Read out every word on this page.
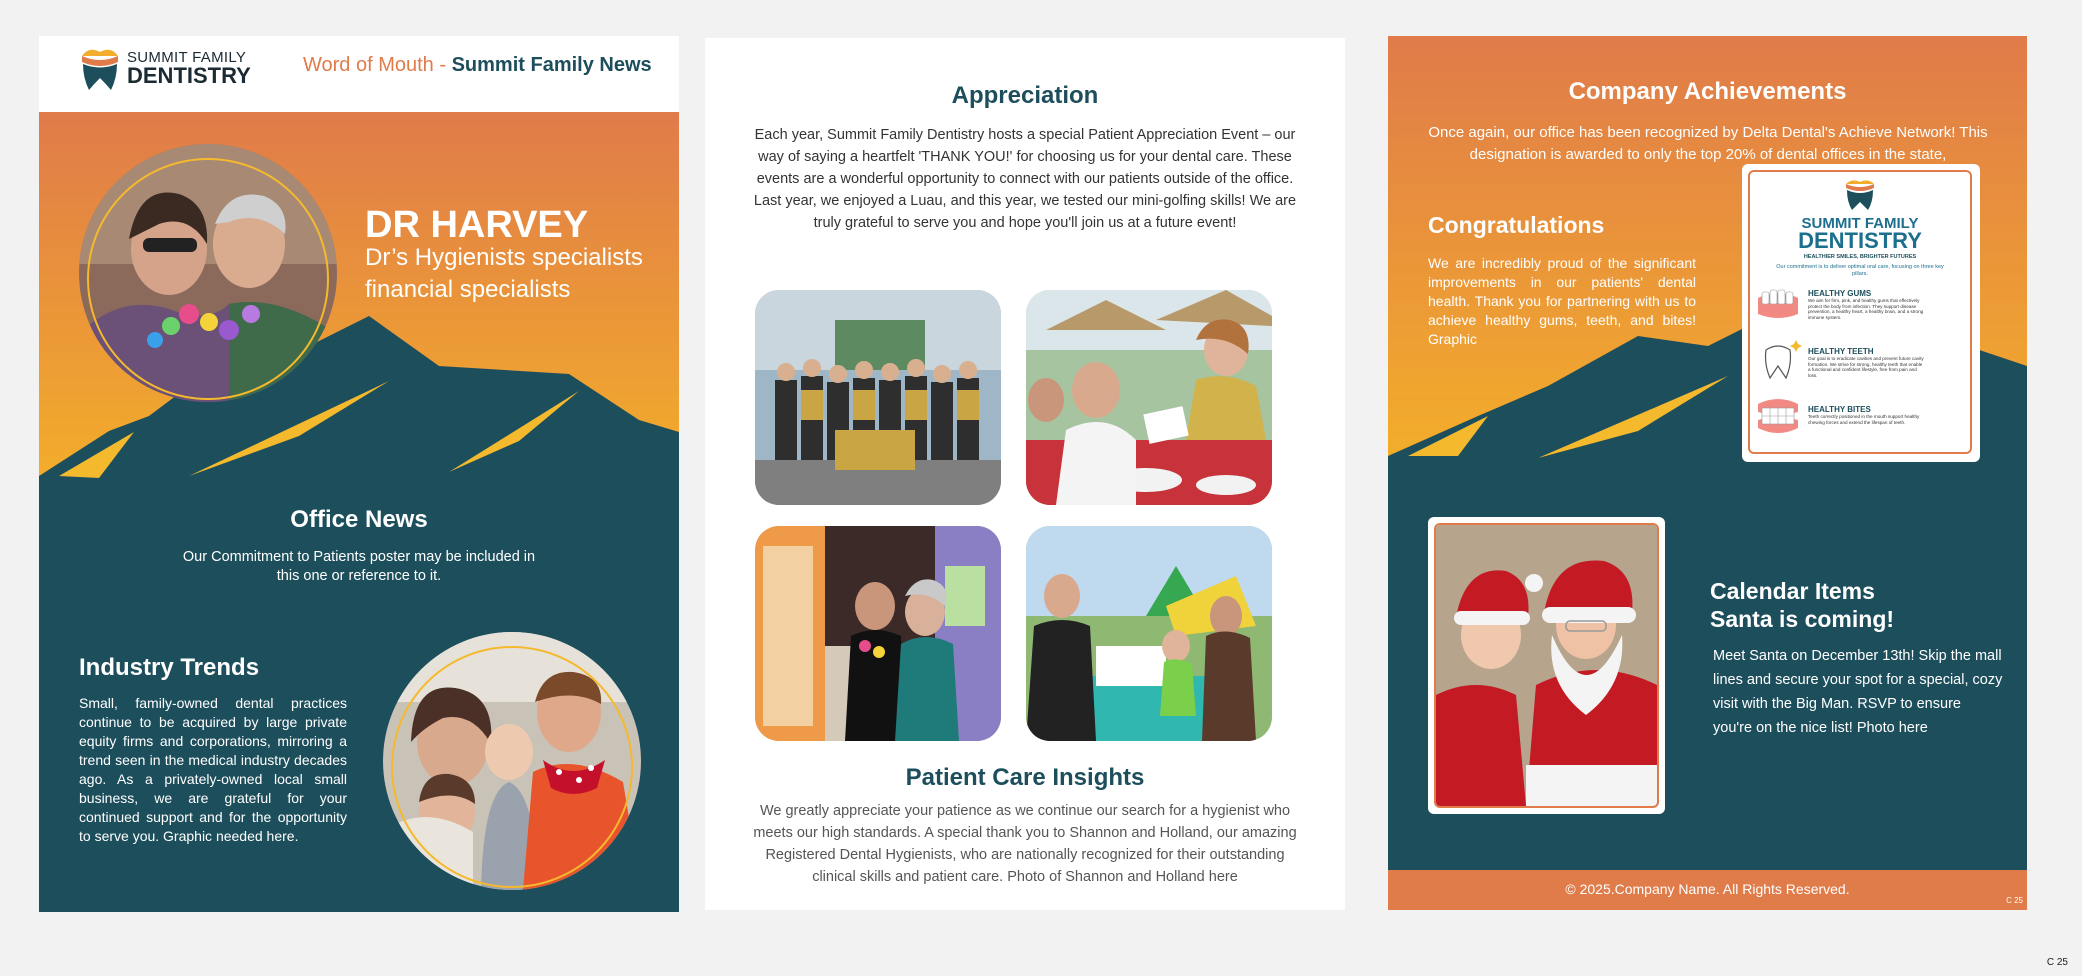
SUMMIT FAMILY
DENTISTRY	Word of Mouth - Summit Family News
DR HARVEY
Dr’s Hygienists specialists
financial specialists
Office News
Our Commitment to Patients poster may be included in this one or reference to it.
Industry Trends
Small, family-owned dental practices continue to be acquired by large private equity firms and corporations, mirroring a trend seen in the medical industry decades ago. As a privately-owned local small business, we are grateful for your continued support and for the opportunity to serve you. Graphic needed here.
Appreciation
Each year, Summit Family Dentistry hosts a special Patient Appreciation Event – our way of saying a heartfelt 'THANK YOU!' for choosing us for your dental care. These events are a wonderful opportunity to connect with our patients outside of the office. Last year, we enjoyed a Luau, and this year, we tested our mini-golfing skills! We are truly grateful to serve you and hope you'll join us at a future event!
Patient Care Insights
We greatly appreciate your patience as we continue our search for a hygienist who meets our high standards. A special thank you to Shannon and Holland, our amazing Registered Dental Hygienists, who are nationally recognized for their outstanding clinical skills and patient care. Photo of Shannon and Holland here
Company Achievements
Once again, our office has been recognized by Delta Dental's Achieve Network! This designation is awarded to only the top 20% of dental offices in the state,
Congratulations
We are incredibly proud of the significant improvements in our patients' dental health. Thank you for partnering with us to achieve healthy gums, teeth, and bites! Graphic
SUMMIT FAMILY
DENTISTRY
HEALTHIER SMILES, BRIGHTER FUTURES
Our commitment is to deliver optimal oral care, focusing on three key pillars.
HEALTHY GUMS
We aim for firm, pink, and healthy gums that effectively protect the body from infection. They support disease prevention, a healthy heart, a healthy brain, and a strong immune system.
HEALTHY TEETH
Our goal is to eradicate cavities and prevent future cavity formation. We strive for strong, healthy teeth that enable a functional and confident lifestyle, free from pain and loss.
HEALTHY BITES
Teeth correctly positioned in the mouth support healthy chewing forces and extend the lifespan of teeth.
Calendar Items
Santa is coming!
Meet Santa on December 13th! Skip the mall lines and secure your spot for a special, cozy visit with the Big Man. RSVP to ensure you're on the nice list! Photo here
© 2025.Company Name. All Rights Reserved.
C 25
C 25
